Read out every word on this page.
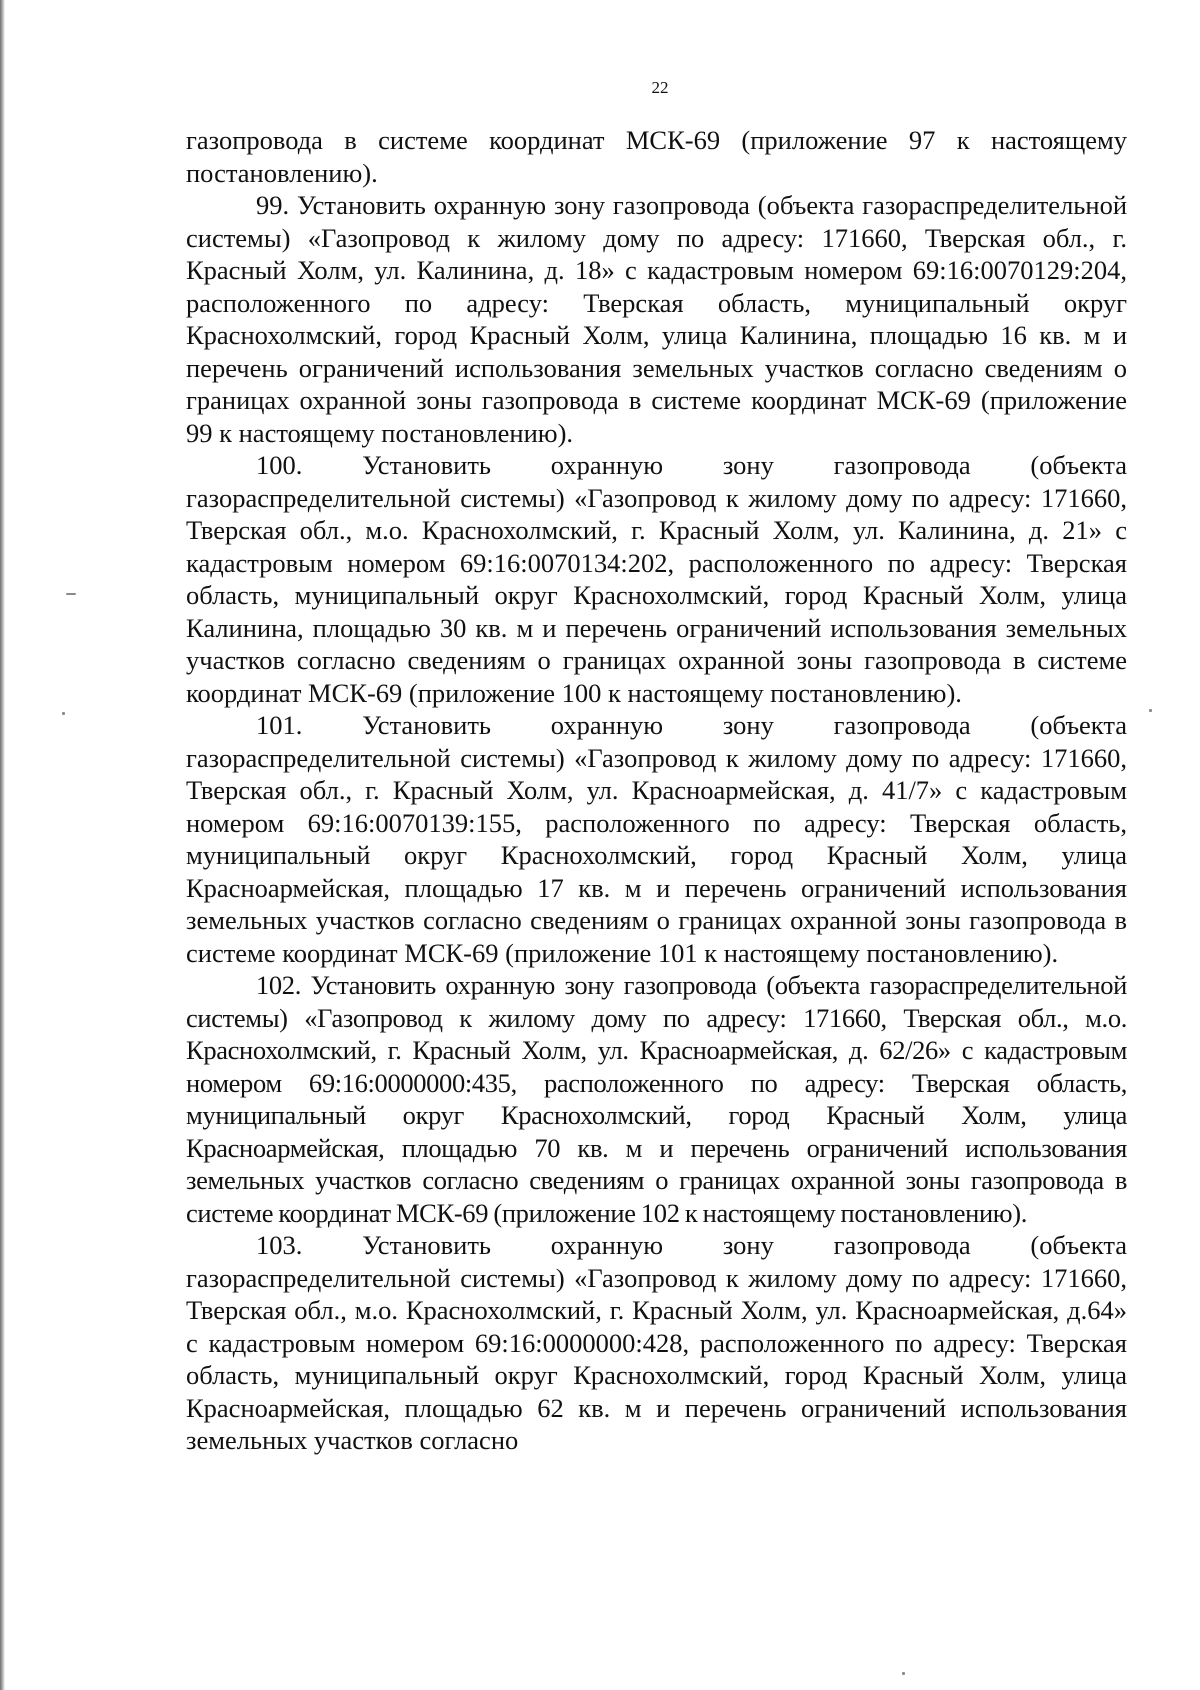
22

газопровода в системе координат МСК-69 (приложение 97 к настоящему постановлению).

99. Установить охранную зону газопровода (объекта газораспределительной системы) «Газопровод к жилому дому по адресу: 171660, Тверская обл., г. Красный Холм, ул. Калинина, д. 18» с кадастровым номером 69:16:0070129:204, расположенного по адресу: Тверская область, муниципальный округ Краснохолмский, город Красный Холм, улица Калинина, площадью 16 кв. м и перечень ограничений использования земельных участков согласно сведениям о границах охранной зоны газопровода в системе координат МСК-69 (приложение 99 к настоящему постановлению).

100. Установить охранную зону газопровода (объекта газораспределительной системы) «Газопровод к жилому дому по адресу: 171660, Тверская обл., м.о. Краснохолмский, г. Красный Холм, ул. Калинина, д. 21» с кадастровым номером 69:16:0070134:202, расположенного по адресу: Тверская область, муниципальный округ Краснохолмский, город Красный Холм, улица Калинина, площадью 30 кв. м и перечень ограничений использования земельных участков согласно сведениям о границах охранной зоны газопровода в системе координат МСК-69 (приложение 100 к настоящему постановлению).

101. Установить охранную зону газопровода (объекта газораспределительной системы) «Газопровод к жилому дому по адресу: 171660, Тверская обл., г. Красный Холм, ул. Красноармейская, д. 41/7» с кадастровым номером 69:16:0070139:155, расположенного по адресу: Тверская область, муниципальный округ Краснохолмский, город Красный Холм, улица Красноармейская, площадью 17 кв. м и перечень ограничений использования земельных участков согласно сведениям о границах охранной зоны газопровода в системе координат МСК-69 (приложение 101 к настоящему постановлению).

102. Установить охранную зону газопровода (объекта газораспределительной системы) «Газопровод к жилому дому по адресу: 171660, Тверская обл., м.о. Краснохолмский, г. Красный Холм, ул. Красноармейская, д. 62/26» с кадастровым номером 69:16:0000000:435, расположенного по адресу: Тверская область, муниципальный округ Краснохолмский, город Красный Холм, улица Красноармейская, площадью 70 кв. м и перечень ограничений использования земельных участков согласно сведениям о границах охранной зоны газопровода в системе координат МСК-69 (приложение 102 к настоящему постановлению).

103. Установить охранную зону газопровода (объекта газораспределительной системы) «Газопровод к жилому дому по адресу: 171660, Тверская обл., м.о. Краснохолмский, г. Красный Холм, ул. Красноармейская, д.64» с кадастровым номером 69:16:0000000:428, расположенного по адресу: Тверская область, муниципальный округ Краснохолмский, город Красный Холм, улица Красноармейская, площадью 62 кв. м и перечень ограничений использования земельных участков согласно
